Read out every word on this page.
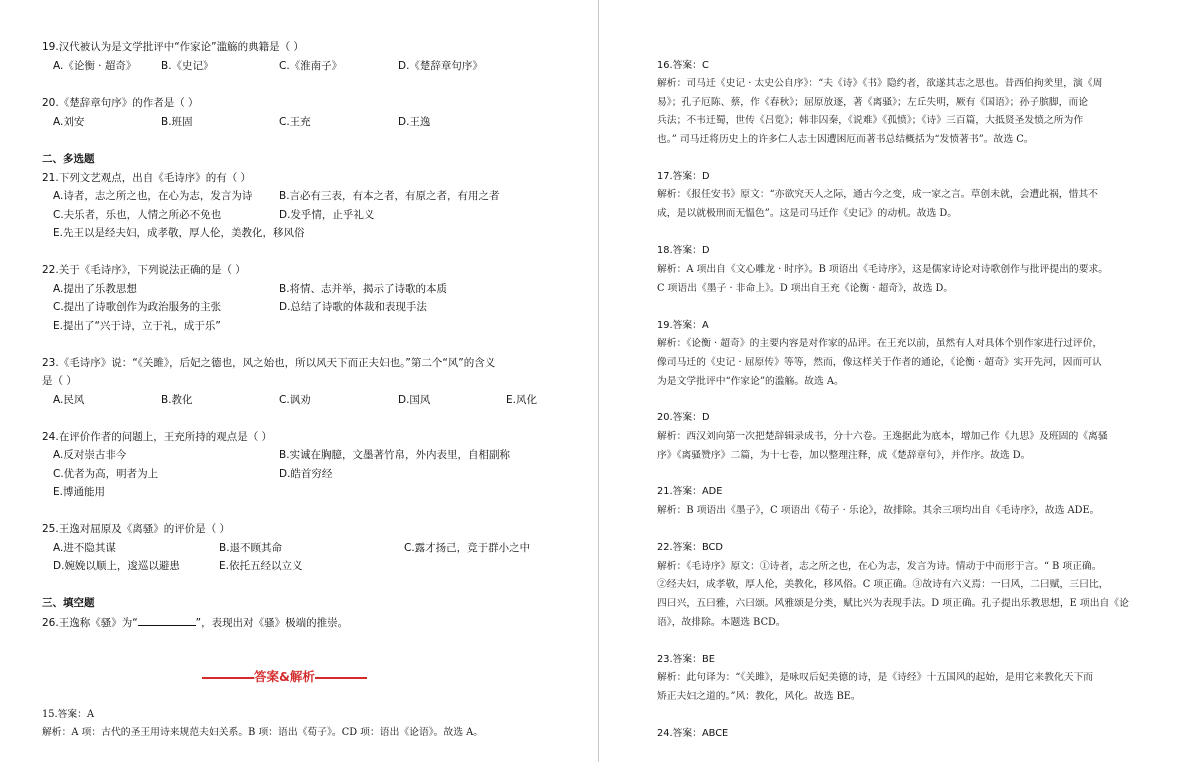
19.汉代被认为是文学批评中“作家论”滥觞的典籍是（ ）
A.《论衡 · 超奇》 B.《史记》	C.《淮南子》	D.《楚辞章句序》
20.《楚辞章句序》的作者是（ ）
A.刘安	B.班固	C.王充	D.王逸
二、多选题
21.下列文艺观点，出自《毛诗序》的有（ ）
A.诗者，志之所之也，在心为志，发言为诗	B.言必有三表，有本之者，有原之者，有用之者
C.夫乐者，乐也，人情之所必不免也	D.发乎情，止乎礼义
E.先王以是经夫妇，成孝敬，厚人伦，美教化，移风俗
22.关于《毛诗序》，下列说法正确的是（ ）
A.提出了乐教思想	B.将情、志并举，揭示了诗歌的本质
C.提出了诗歌创作为政治服务的主张	D.总结了诗歌的体裁和表现手法
E.提出了“兴于诗，立于礼，成于乐”
23.《毛诗序》说：“《关雎》，后妃之德也，风之始也，所以风天下而正夫妇也。”第二个“风”的含义
是（ ）
A.民风	B.教化	C.讽劝	D.国风	E.风化
24.在评价作者的问题上，王充所持的观点是（ ）
A.反对崇古非今	B.实诚在胸臆，文墨著竹帛，外内表里，自相副称
C.优者为高，明者为上	D.皓首穷经
E.博通能用
25.王逸对屈原及《离骚》的评价是（ ）
A.进不隐其谋	B.退不顾其命	C.露才扬己，竞于群小之中
D.婉娩以顺上，逡巡以避患	E.依托五经以立义
三、填空题
26.王逸称《骚》为“	”，表现出对《骚》极端的推崇。
答案&解析
15.答案：A
解析：A 项：古代的圣王用诗来规范夫妇关系。B 项：语出《荀子》。CD 项：语出《论语》。故选 A。
16.答案：C
解析：司马迁《史记 · 太史公自序》：“夫《诗》《书》隐约者，欲遂其志之思也。昔西伯拘羑里，演《周
易》；孔子厄陈、蔡，作《春秋》；屈原放逐，著《离骚》；左丘失明，厥有《国语》；孙子膑脚，而论
兵法；不韦迁蜀，世传《吕览》；韩非囚秦，《说难》《孤愤》；《诗》三百篇，大抵贤圣发愤之所为作
也。” 司马迁将历史上的许多仁人志士因遭困厄而著书总结概括为“发愤著书”。故选 C。
17.答案：D
解析：《报任安书》原文：“亦欲究天人之际，通古今之变，成一家之言。草创未就，会遭此祸，惜其不
成，是以就极刑而无愠色”。这是司马迁作《史记》的动机。故选 D。
18.答案：D
解析：A 项出自《文心雕龙 · 时序》。B 项语出《毛诗序》，这是儒家诗论对诗歌创作与批评提出的要求。
C 项语出《墨子 · 非命上》。D 项出自王充《论衡 · 超奇》，故选 D。
19.答案：A
解析：《论衡 · 超奇》的主要内容是对作家的品评。在王充以前，虽然有人对具体个别作家进行过评价，
像司马迁的《史记 · 屈原传》等等，然而，像这样关于作者的通论，《论衡 · 超奇》实开先河，因而可认
为是文学批评中“作家论”的滥觞。故选 A。
20.答案：D
解析：西汉刘向第一次把楚辞辑录成书，分十六卷。王逸据此为底本，增加己作《九思》及班固的《离骚
序》《离骚赞序》二篇，为十七卷，加以整理注释，成《楚辞章句》，并作序。故选 D。
21.答案：ADE
解析：B 项语出《墨子》，C 项语出《荀子 · 乐论》，故排除。其余三项均出自《毛诗序》，故选 ADE。
22.答案：BCD
解析：《毛诗序》原文：①诗者，志之所之也，在心为志，发言为诗。情动于中而形于言。“ B 项正确。
②经夫妇，成孝敬，厚人伦，美教化，移风俗。C 项正确。③故诗有六义焉：一曰风，二曰赋，三曰比，
四曰兴，五曰雅，六曰颂。风雅颂是分类，赋比兴为表现手法。D 项正确。孔子提出乐教思想，E 项出自《论
语》，故排除。本题选 BCD。
23.答案：BE
解析：此句译为：“《关雎》，是咏叹后妃美德的诗，是《诗经》十五国风的起始，是用它来教化天下而
矫正夫妇之道的。”风：教化，风化。故选 BE。
24.答案：ABCE
